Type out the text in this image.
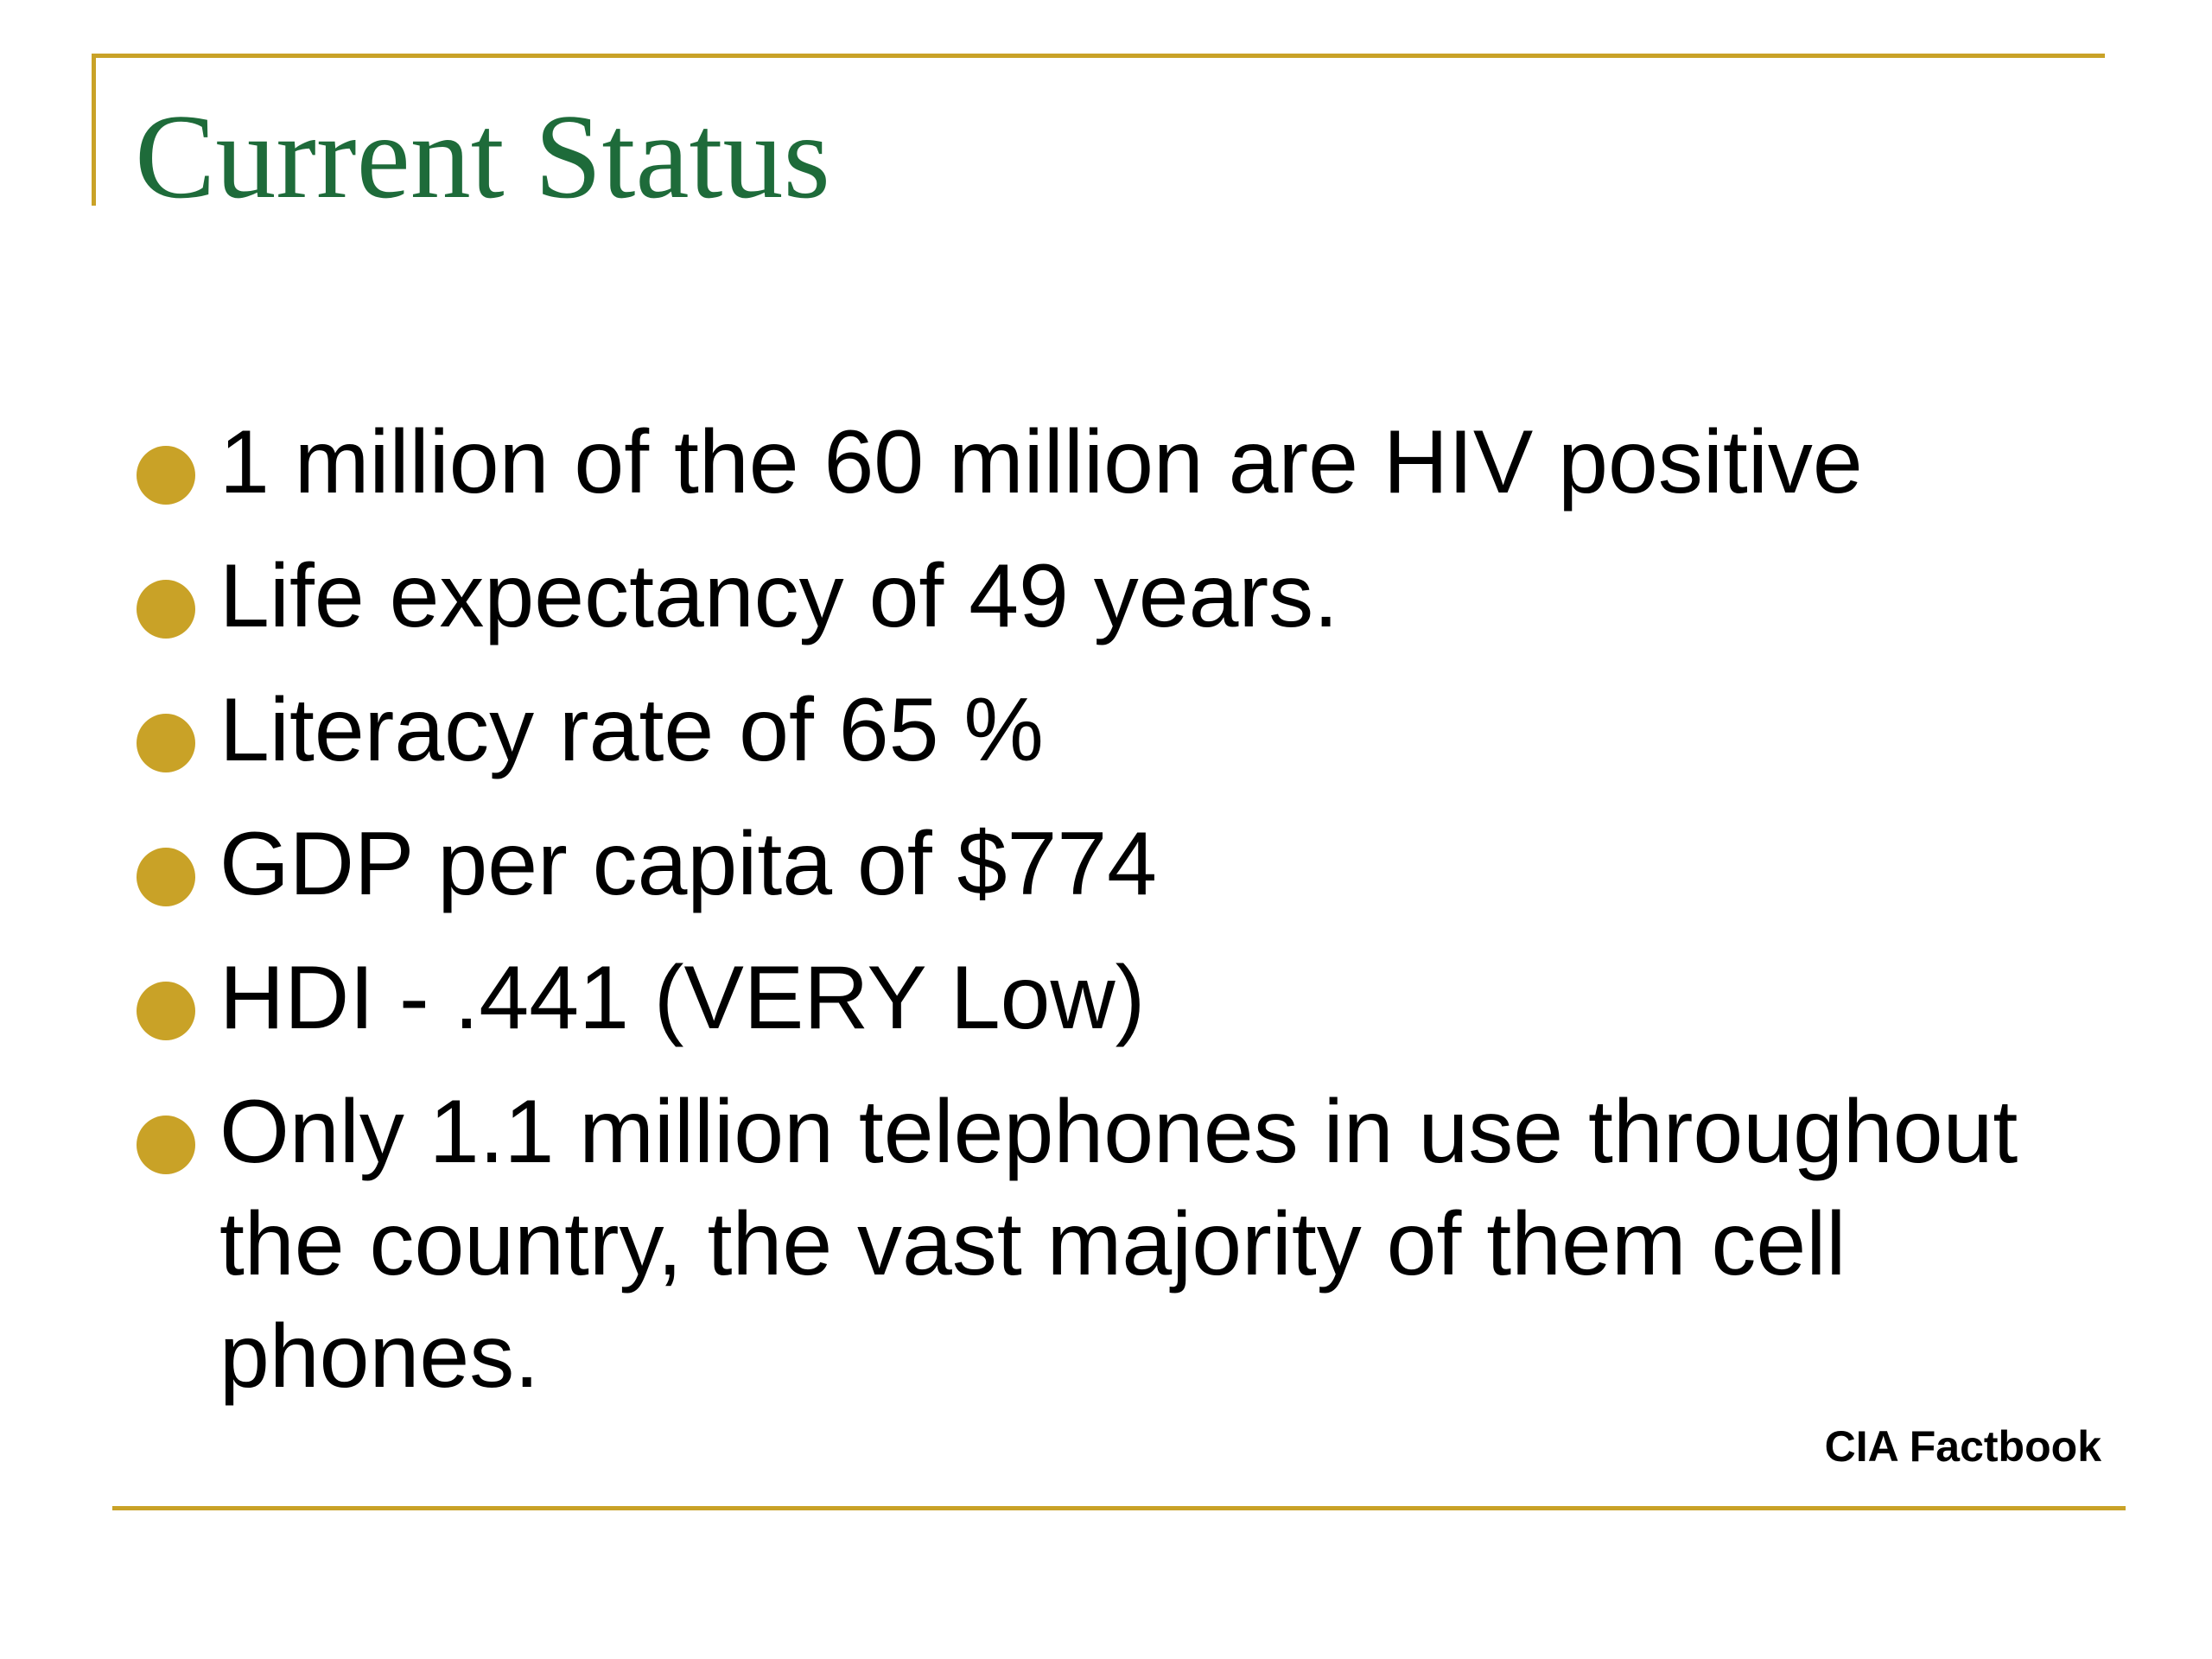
Current Status
1 million of the 60 million are HIV positive
Life expectancy of 49 years.
Literacy rate of 65 %
GDP per capita of $774
HDI - .441 (VERY Low)
Only 1.1 million telephones in use throughout the country, the vast majority of them cell phones.
CIA Factbook
